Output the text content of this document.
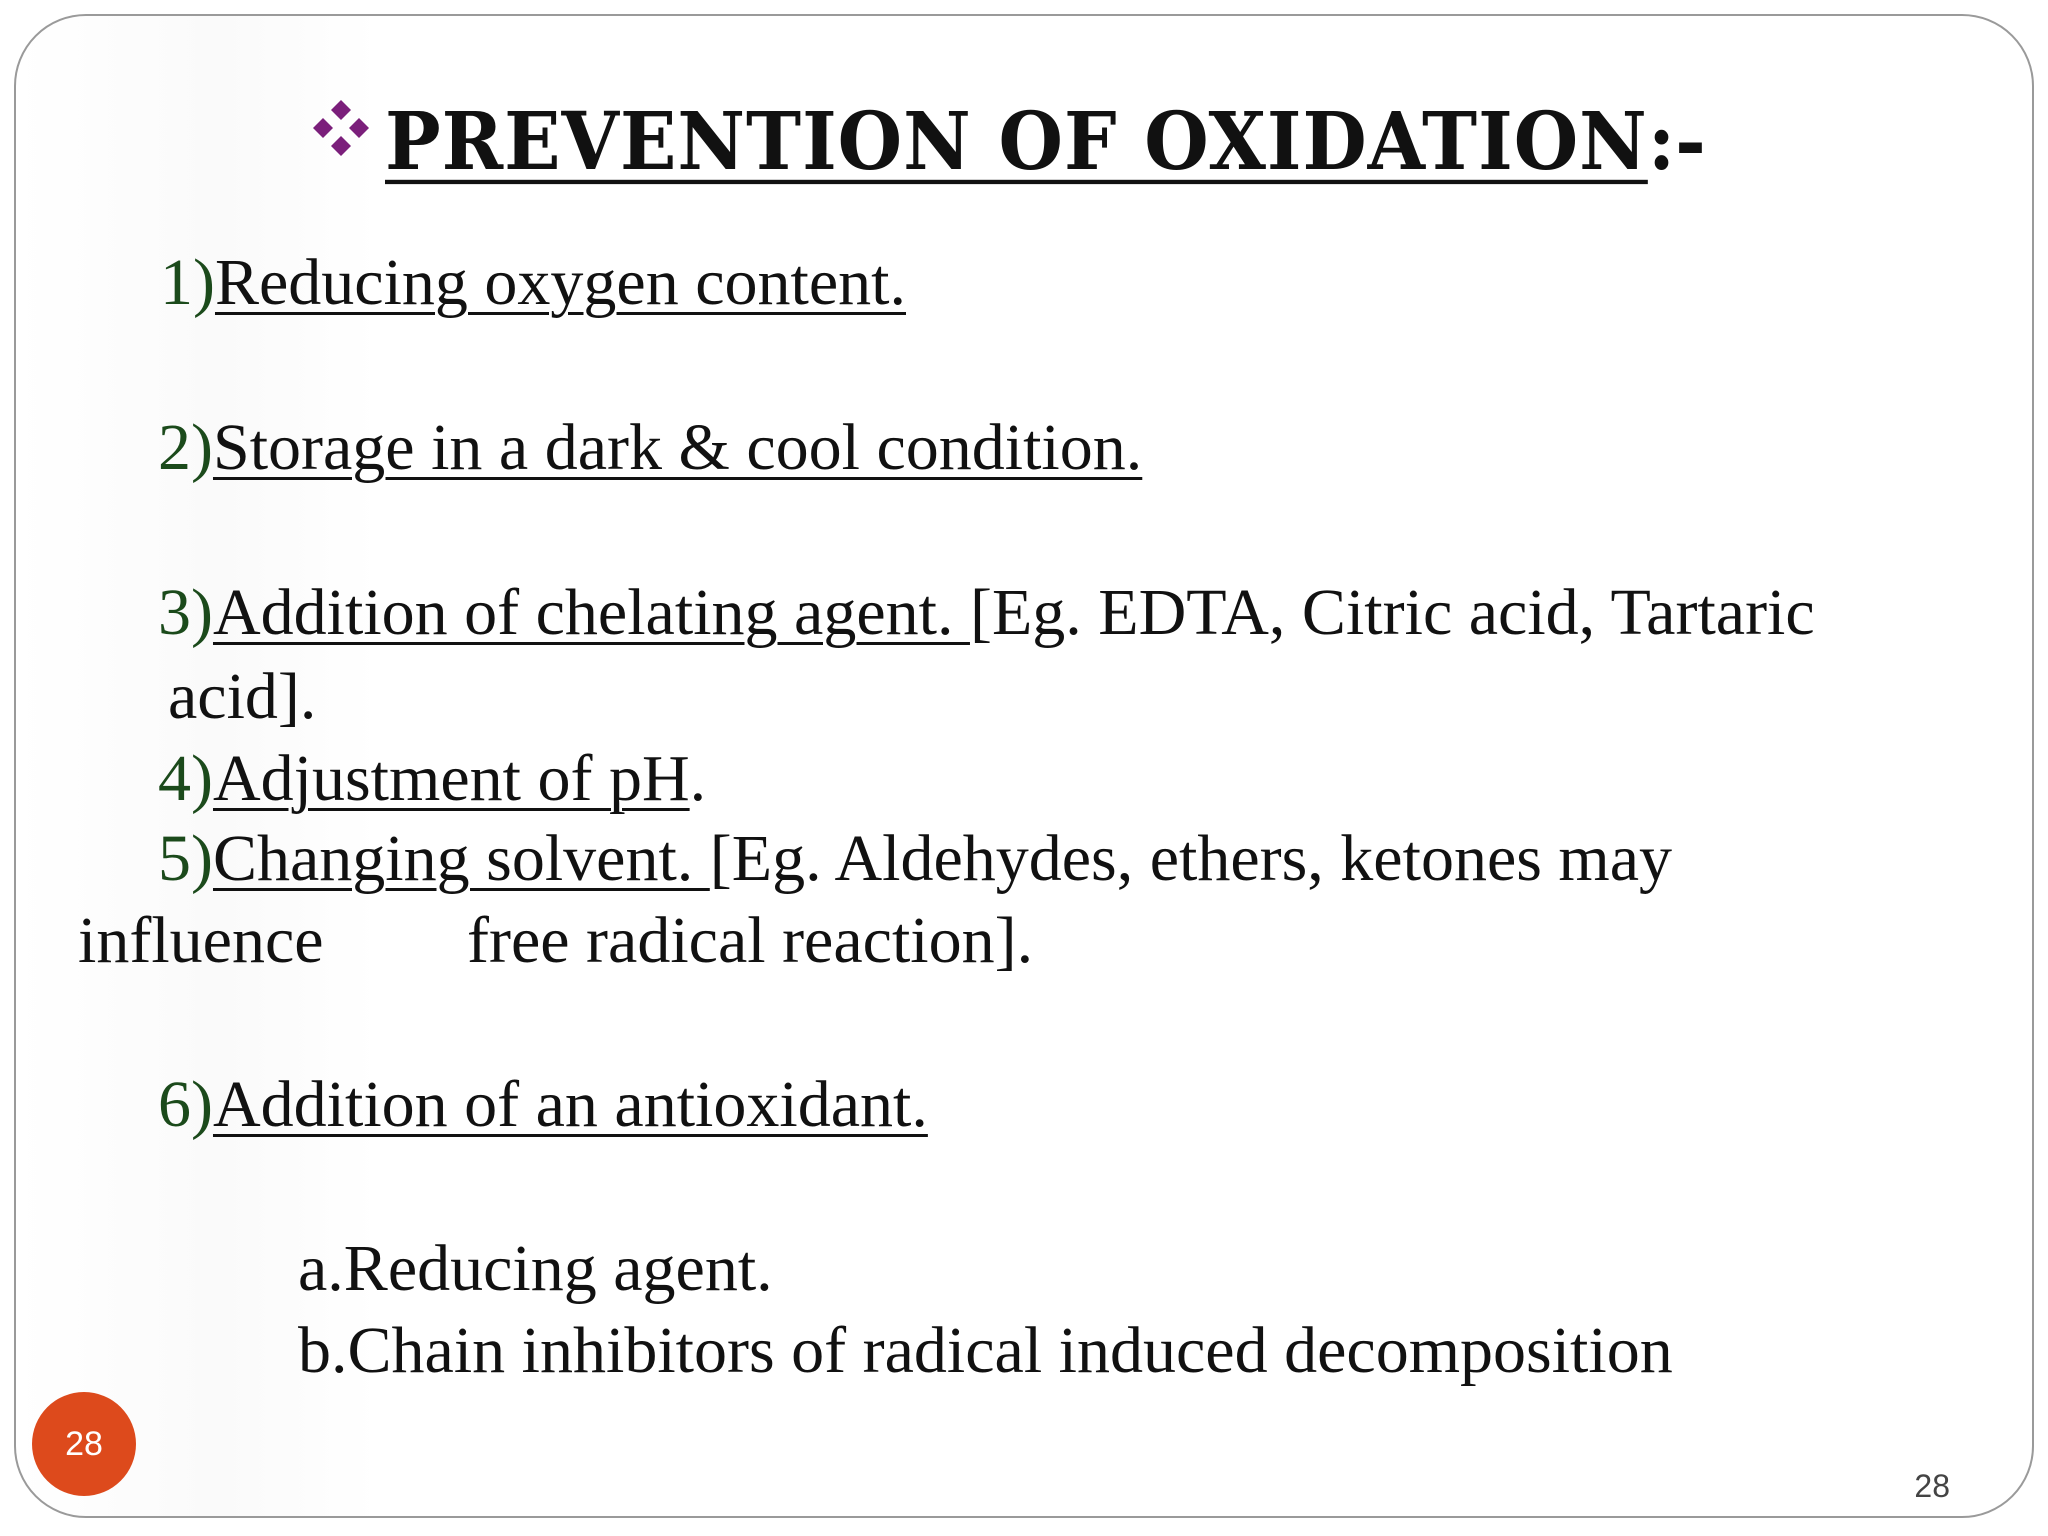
PREVENTION OF OXIDATION :-
1)Reducing oxygen content.
2)Storage in a dark & cool condition.
3)Addition of chelating agent. [Eg. EDTA, Citric acid, Tartaric
acid].
4)Adjustment of pH.
5)Changing solvent. [Eg. Aldehydes, ethers, ketones may
influence free radical reaction].
6)Addition of an antioxidant.
a.Reducing agent.
b.Chain inhibitors of radical induced decomposition
28
28
